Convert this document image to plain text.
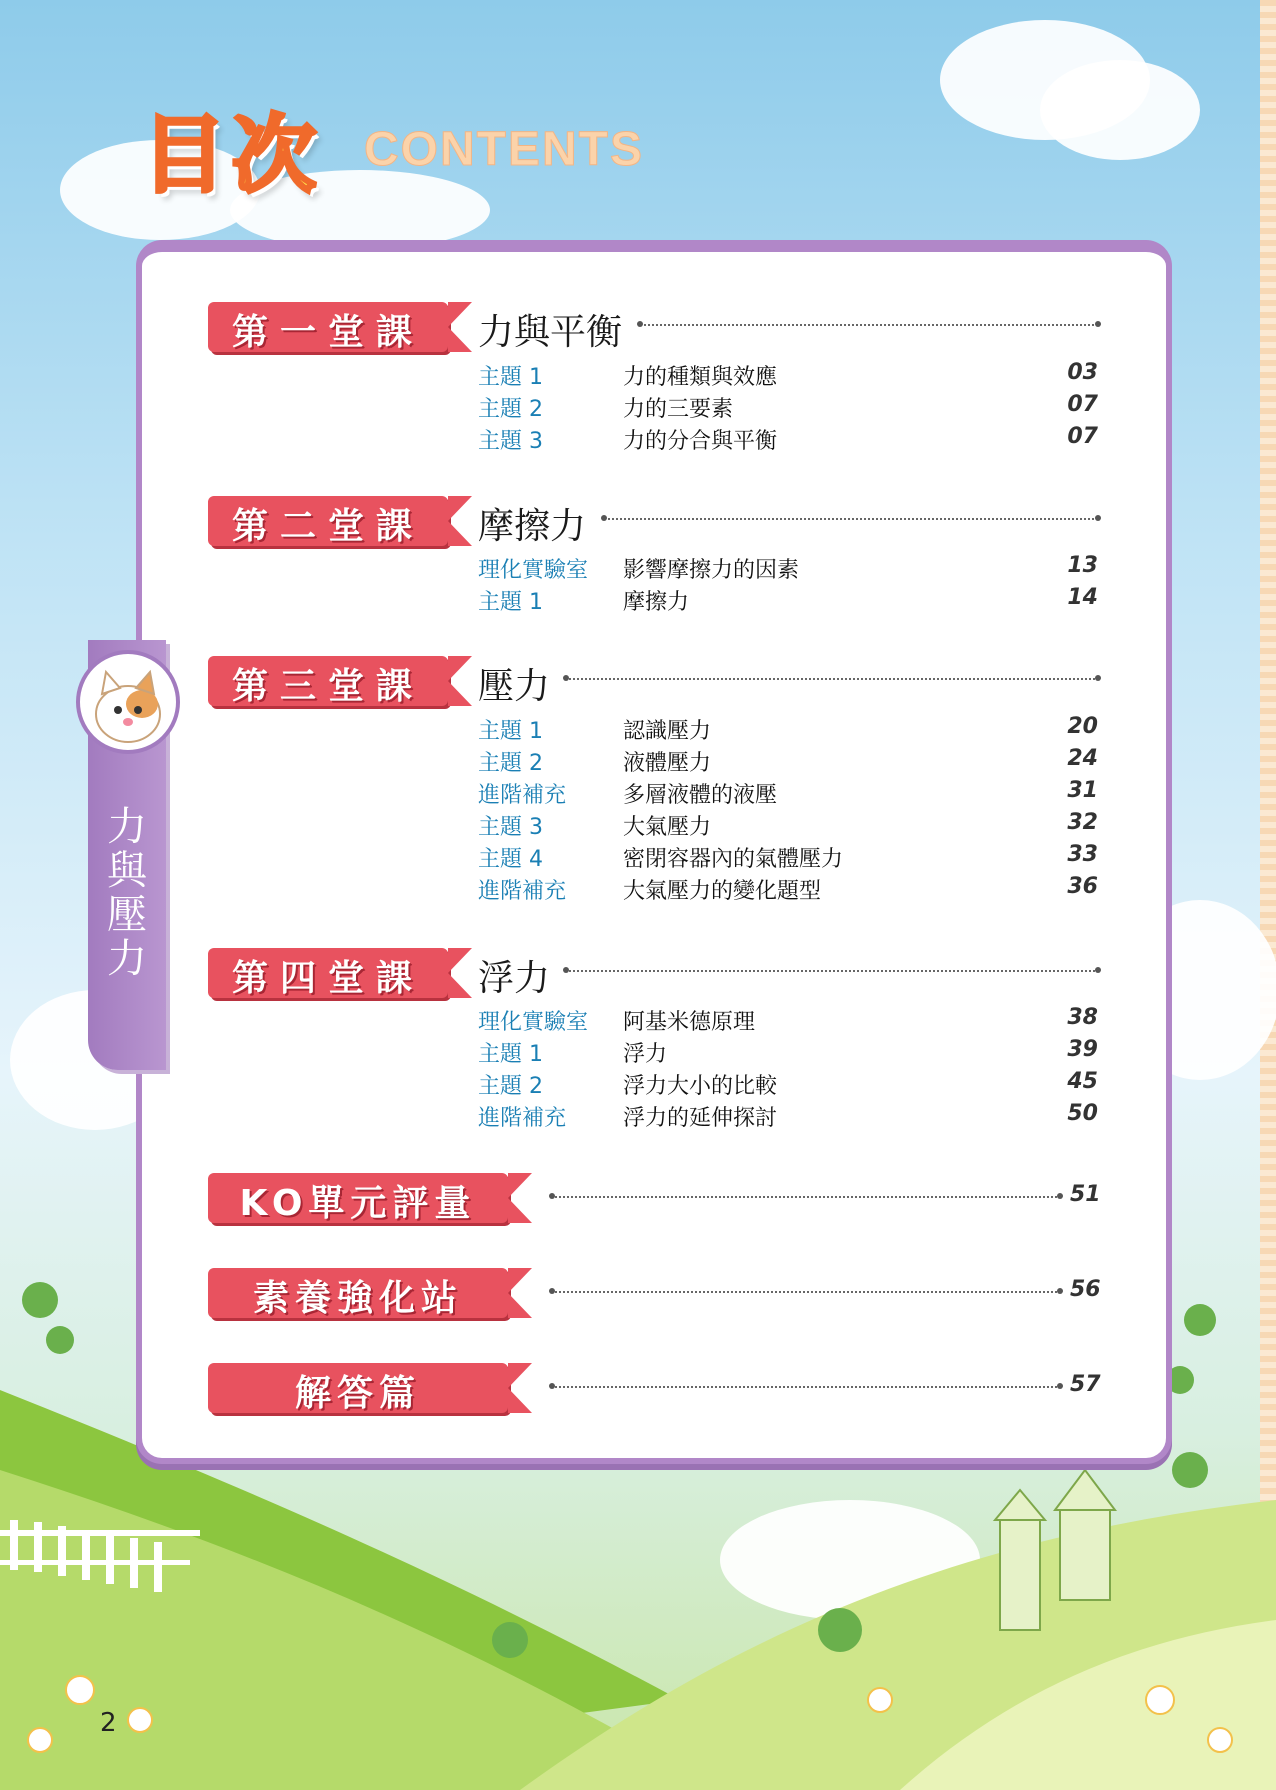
目次 CONTENTS
力
與
壓
力
第一堂課	力與平衡
主題 1	力的種類與效應	03
主題 2	力的三要素	07
主題 3	力的分合與平衡	07
第二堂課	摩擦力
理化實驗室 影響摩擦力的因素	13
主題 1	摩擦力	14
第三堂課	壓力
主題 1	認識壓力	20
主題 2	液體壓力	24
進階補充	多層液體的液壓	31
主題 3	大氣壓力	32
主題 4	密閉容器內的氣體壓力	33
進階補充	大氣壓力的變化題型	36
第四堂課	浮力
理化實驗室 阿基米德原理	38
主題 1	浮力	39
主題 2	浮力大小的比較	45
進階補充	浮力的延伸探討	50
KO單元評量	51
素養強化站	56
解答篇	57
2
